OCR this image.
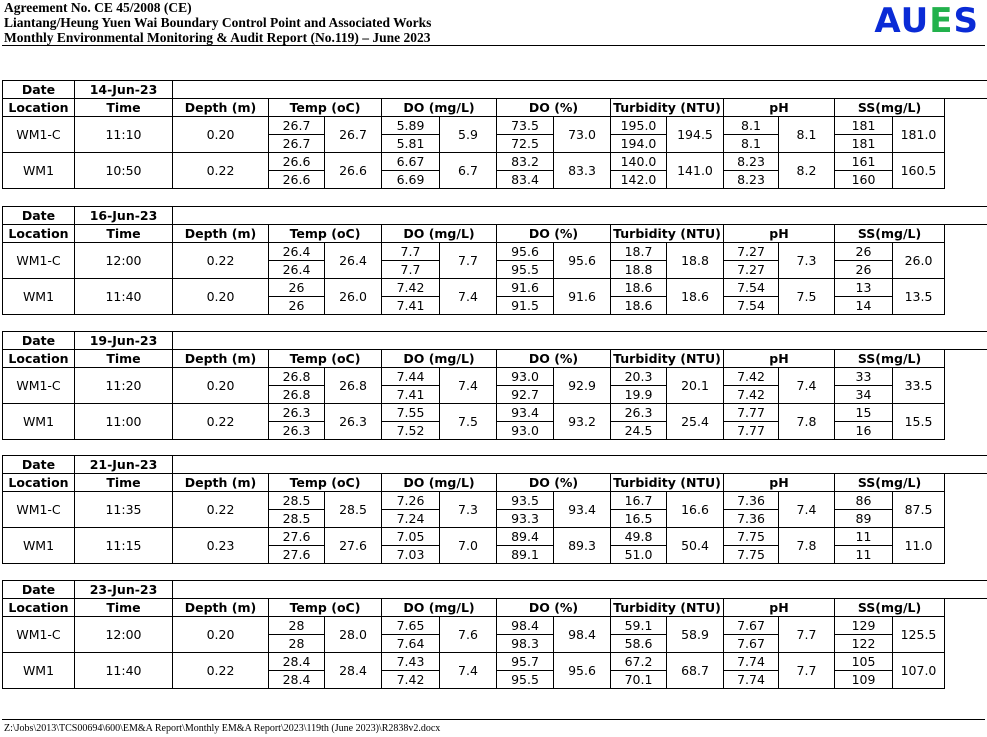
Agreement No. CE 45/2008 (CE)
Liantang/Heung Yuen Wai Boundary Control Point and Associated Works
Monthly Environmental Monitoring & Audit Report (No.119) – June 2023	AUES
Date	14-Jun-23														
Location	Time	Depth (m)	Temp (oC)		DO (mg/L)		DO (%)		Turbidity (NTU)		pH		SS(mg/L)		
WM1-C	11:10	0.20	26.7	26.7	5.89	5.9	73.5	73.0	195.0	194.5	8.1	8.1	181	181.0	
			26.7		5.81		72.5		194.0		8.1		181		
WM1	10:50	0.22	26.6	26.6	6.67	6.7	83.2	83.3	140.0	141.0	8.23	8.2	161	160.5	
			26.6		6.69		83.4		142.0		8.23		160		
Date	16-Jun-23														
Location	Time	Depth (m)	Temp (oC)		DO (mg/L)		DO (%)		Turbidity (NTU)		pH		SS(mg/L)		
WM1-C	12:00	0.22	26.4	26.4	7.7	7.7	95.6	95.6	18.7	18.8	7.27	7.3	26	26.0	
			26.4		7.7		95.5		18.8		7.27		26		
WM1	11:40	0.20	26	26.0	7.42	7.4	91.6	91.6	18.6	18.6	7.54	7.5	13	13.5	
			26		7.41		91.5		18.6		7.54		14		
Date	19-Jun-23														
Location	Time	Depth (m)	Temp (oC)		DO (mg/L)		DO (%)		Turbidity (NTU)		pH		SS(mg/L)		
WM1-C	11:20	0.20	26.8	26.8	7.44	7.4	93.0	92.9	20.3	20.1	7.42	7.4	33	33.5	
			26.8		7.41		92.7		19.9		7.42		34		
WM1	11:00	0.22	26.3	26.3	7.55	7.5	93.4	93.2	26.3	25.4	7.77	7.8	15	15.5	
			26.3		7.52		93.0		24.5		7.77		16		
Date	21-Jun-23														
Location	Time	Depth (m)	Temp (oC)		DO (mg/L)		DO (%)		Turbidity (NTU)		pH		SS(mg/L)		
WM1-C	11:35	0.22	28.5	28.5	7.26	7.3	93.5	93.4	16.7	16.6	7.36	7.4	86	87.5	
			28.5		7.24		93.3		16.5		7.36		89		
WM1	11:15	0.23	27.6	27.6	7.05	7.0	89.4	89.3	49.8	50.4	7.75	7.8	11	11.0	
			27.6		7.03		89.1		51.0		7.75		11		
Date	23-Jun-23														
Location	Time	Depth (m)	Temp (oC)		DO (mg/L)		DO (%)		Turbidity (NTU)		pH		SS(mg/L)		
WM1-C	12:00	0.20	28	28.0	7.65	7.6	98.4	98.4	59.1	58.9	7.67	7.7	129	125.5	
			28		7.64		98.3		58.6		7.67		122		
WM1	11:40	0.22	28.4	28.4	7.43	7.4	95.7	95.6	67.2	68.7	7.74	7.7	105	107.0	
			28.4		7.42		95.5		70.1		7.74		109		
Z:\Jobs\2013\TCS00694\600\EM&A Report\Monthly EM&A Report\2023\119th (June 2023)\R2838v2.docx
